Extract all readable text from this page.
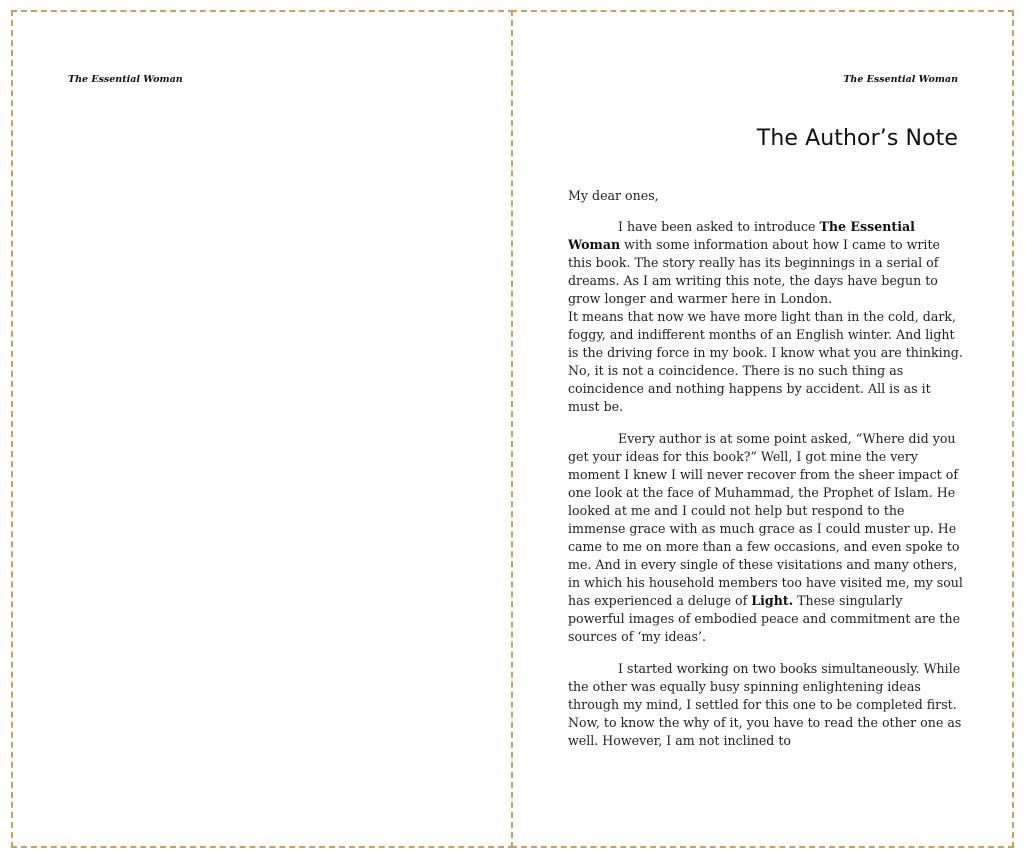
The Essential Woman	The Essential Woman
The Author’s Note

My dear ones,

I have been asked to introduce The Essential Woman with some information about how I came to write this book. The story really has its beginnings in a serial of dreams. As I am writing this note, the days have begun to grow longer and warmer here in London.
It means that now we have more light than in the cold, dark, foggy, and indifferent months of an English winter. And light is the driving force in my book. I know what you are thinking. No, it is not a coincidence. There is no such thing as coincidence and nothing happens by accident. All is as it must be.

Every author is at some point asked, “Where did you get your ideas for this book?” Well, I got mine the very moment I knew I will never recover from the sheer impact of one look at the face of Muhammad, the Prophet of Islam. He looked at me and I could not help but respond to the immense grace with as much grace as I could muster up. He came to me on more than a few occasions, and even spoke to me. And in every single of these visitations and many others, in which his household members too have visited me, my soul has experienced a deluge of Light. These singularly powerful images of embodied peace and commitment are the sources of ‘my ideas’.

I started working on two books simultaneously. While the other was equally busy spinning enlightening ideas through my mind, I settled for this one to be completed first. Now, to know the why of it, you have to read the other one as well. However, I am not inclined to
